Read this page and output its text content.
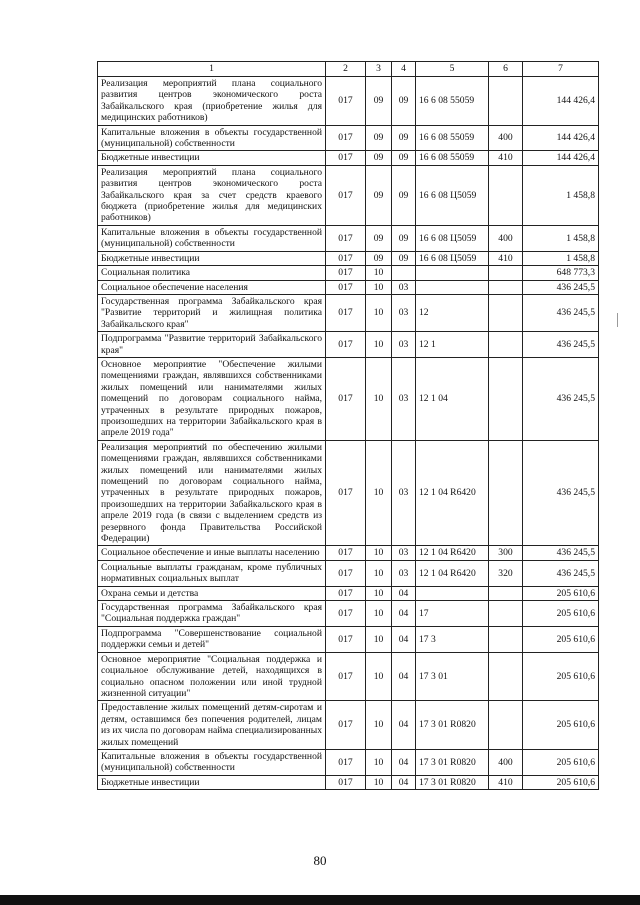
1	2	3	4	5	6	7
Реализация мероприятий плана социального развития центров экономического роста Забайкальского края (приобретение жилья для медицинских работников)	017	09	09	16 6 08 55059		144 426,4
Капитальные вложения в объекты государственной (муниципальной) собственности	017	09	09	16 6 08 55059	400	144 426,4
Бюджетные инвестиции	017	09	09	16 6 08 55059	410	144 426,4
Реализация мероприятий плана социального развития центров экономического роста Забайкальского края за счет средств краевого бюджета (приобретение жилья для медицинских работников)	017	09	09	16 6 08 Ц5059		1 458,8
Капитальные вложения в объекты государственной (муниципальной) собственности	017	09	09	16 6 08 Ц5059	400	1 458,8
Бюджетные инвестиции	017	09	09	16 6 08 Ц5059	410	1 458,8
Социальная политика	017	10				648 773,3
Социальное обеспечение населения	017	10	03			436 245,5
Государственная программа Забайкальского края "Развитие территорий и жилищная политика Забайкальского края"	017	10	03	12		436 245,5
Подпрограмма "Развитие территорий Забайкальского края"	017	10	03	12 1		436 245,5
Основное мероприятие "Обеспечение жилыми помещениями граждан, являвшихся собственниками жилых помещений или нанимателями жилых помещений по договорам социального найма, утраченных в результате природных пожаров, произошедших на территории Забайкальского края в апреле 2019 года"	017	10	03	12 1 04		436 245,5
Реализация мероприятий по обеспечению жилыми помещениями граждан, являвшихся собственниками жилых помещений или нанимателями жилых помещений по договорам социального найма, утраченных в результате природных пожаров, произошедших на территории Забайкальского края в апреле 2019 года (в связи с выделением средств из резервного фонда Правительства Российской Федерации)	017	10	03	12 1 04 R6420		436 245,5
Социальное обеспечение и иные выплаты населению	017	10	03	12 1 04 R6420	300	436 245,5
Социальные выплаты гражданам, кроме публичных нормативных социальных выплат	017	10	03	12 1 04 R6420	320	436 245,5
Охрана семьи и детства	017	10	04			205 610,6
Государственная программа Забайкальского края "Социальная поддержка граждан"	017	10	04	17		205 610,6
Подпрограмма "Совершенствование социальной поддержки семьи и детей"	017	10	04	17 3		205 610,6
Основное мероприятие "Социальная поддержка и социальное обслуживание детей, находящихся в социально опасном положении или иной трудной жизненной ситуации"	017	10	04	17 3 01		205 610,6
Предоставление жилых помещений детям-сиротам и детям, оставшимся без попечения родителей, лицам из их числа по договорам найма специализированных жилых помещений	017	10	04	17 3 01 R0820		205 610,6
Капитальные вложения в объекты государственной (муниципальной) собственности	017	10	04	17 3 01 R0820	400	205 610,6
Бюджетные инвестиции	017	10	04	17 3 01 R0820	410	205 610,6
80
